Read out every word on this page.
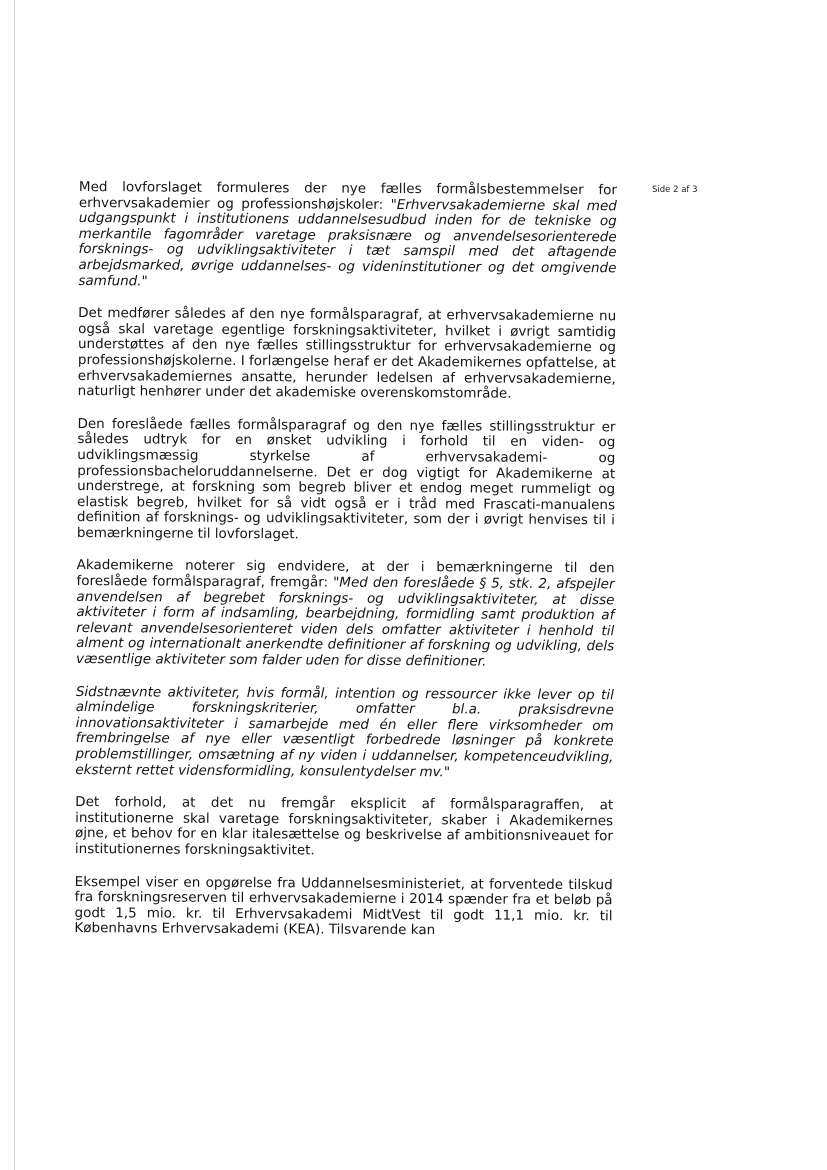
Side 2 af 3

Med lovforslaget formuleres der nye fælles formålsbestemmelser for erhvervsakademier og professionshøjskoler: "Erhvervsakademierne skal med udgangspunkt i institutionens uddannelsesudbud inden for de tekniske og merkantile fagområder varetage praksisnære og anvendelsesorienterede forsknings- og udviklingsaktiviteter i tæt samspil med det aftagende arbejdsmarked, øvrige uddannelses- og videninstitutioner og det omgivende samfund."

Det medfører således af den nye formålsparagraf, at erhvervsakademierne nu også skal varetage egentlige forskningsaktiviteter, hvilket i øvrigt samtidig understøttes af den nye fælles stillingsstruktur for erhvervsakademierne og professionshøjskolerne. I forlængelse heraf er det Akademikernes opfattelse, at erhvervsakademiernes ansatte, herunder ledelsen af erhvervsakademierne, naturligt henhører under det akademiske overenskomstområde.

Den foreslåede fælles formålsparagraf og den nye fælles stillingsstruktur er således udtryk for en ønsket udvikling i forhold til en viden- og udviklingsmæssig styrkelse af erhvervsakademi- og professionsbacheloruddannelserne. Det er dog vigtigt for Akademikerne at understrege, at forskning som begreb bliver et endog meget rummeligt og elastisk begreb, hvilket for så vidt også er i tråd med Frascati-manualens definition af forsknings- og udviklingsaktiviteter, som der i øvrigt henvises til i bemærkningerne til lovforslaget.

Akademikerne noterer sig endvidere, at der i bemærkningerne til den foreslåede formålsparagraf, fremgår: "Med den foreslåede § 5, stk. 2, afspejler anvendelsen af begrebet forsknings- og udviklingsaktiviteter, at disse aktiviteter i form af indsamling, bearbejdning, formidling samt produktion af relevant anvendelsesorienteret viden dels omfatter aktiviteter i henhold til alment og internationalt anerkendte definitioner af forskning og udvikling, dels væsentlige aktiviteter som falder uden for disse definitioner.

Sidstnævnte aktiviteter, hvis formål, intention og ressourcer ikke lever op til almindelige forskningskriterier, omfatter bl.a. praksisdrevne innovationsaktiviteter i samarbejde med én eller flere virksomheder om frembringelse af nye eller væsentligt forbedrede løsninger på konkrete problemstillinger, omsætning af ny viden i uddannelser, kompetenceudvikling, eksternt rettet vidensformidling, konsulentydelser mv."

Det forhold, at det nu fremgår eksplicit af formålsparagraffen, at institutionerne skal varetage forskningsaktiviteter, skaber i Akademikernes øjne, et behov for en klar italesættelse og beskrivelse af ambitionsniveauet for institutionernes forskningsaktivitet.

Eksempel viser en opgørelse fra Uddannelsesministeriet, at forventede tilskud fra forskningsreserven til erhvervsakademierne i 2014 spænder fra et beløb på godt 1,5 mio. kr. til Erhvervsakademi MidtVest til godt 11,1 mio. kr. til Københavns Erhvervsakademi (KEA). Tilsvarende kan
